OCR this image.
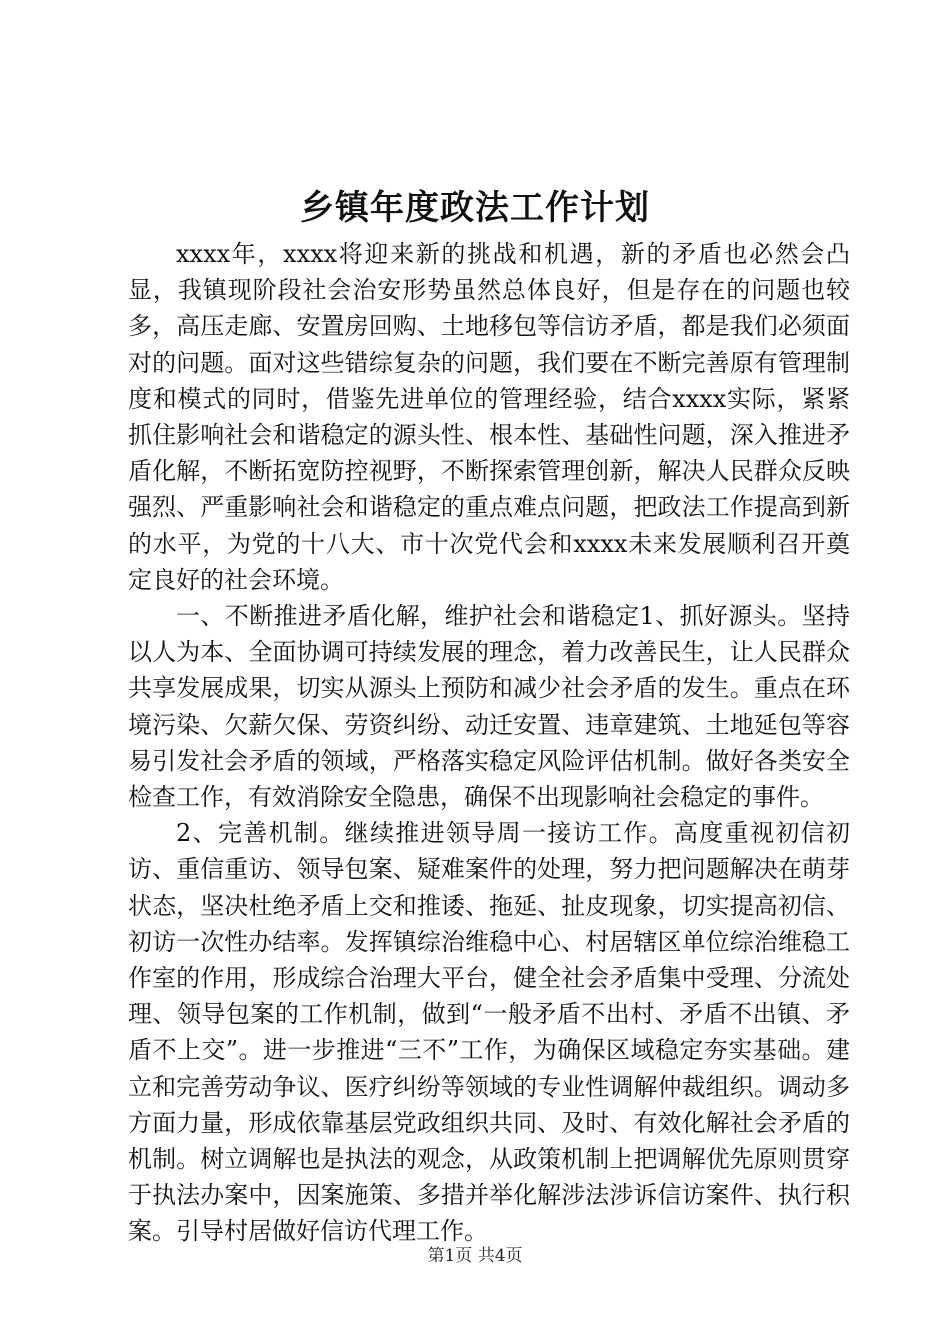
乡镇年度政法工作计划

xxxx年，xxxx将迎来新的挑战和机遇，新的矛盾也必然会凸显，我镇现阶段社会治安形势虽然总体良好，但是存在的问题也较多，高压走廊、安置房回购、土地移包等信访矛盾，都是我们必须面对的问题。面对这些错综复杂的问题，我们要在不断完善原有管理制度和模式的同时，借鉴先进单位的管理经验，结合xxxx实际，紧紧抓住影响社会和谐稳定的源头性、根本性、基础性问题，深入推进矛盾化解，不断拓宽防控视野，不断探索管理创新，解决人民群众反映强烈、严重影响社会和谐稳定的重点难点问题，把政法工作提高到新的水平，为党的十八大、市十次党代会和xxxx未来发展顺利召开奠定良好的社会环境。

一、不断推进矛盾化解，维护社会和谐稳定1、抓好源头。坚持以人为本、全面协调可持续发展的理念，着力改善民生，让人民群众共享发展成果，切实从源头上预防和减少社会矛盾的发生。重点在环境污染、欠薪欠保、劳资纠纷、动迁安置、违章建筑、土地延包等容易引发社会矛盾的领域，严格落实稳定风险评估机制。做好各类安全检查工作，有效消除安全隐患，确保不出现影响社会稳定的事件。

2、完善机制。继续推进领导周一接访工作。高度重视初信初访、重信重访、领导包案、疑难案件的处理，努力把问题解决在萌芽状态，坚决杜绝矛盾上交和推诿、拖延、扯皮现象，切实提高初信、初访一次性办结率。发挥镇综治维稳中心、村居辖区单位综治维稳工作室的作用，形成综合治理大平台，健全社会矛盾集中受理、分流处理、领导包案的工作机制，做到“一般矛盾不出村、矛盾不出镇、矛盾不上交”。进一步推进“三不”工作，为确保区域稳定夯实基础。建立和完善劳动争议、医疗纠纷等领域的专业性调解仲裁组织。调动多方面力量，形成依靠基层党政组织共同、及时、有效化解社会矛盾的机制。树立调解也是执法的观念，从政策机制上把调解优先原则贯穿于执法办案中，因案施策、多措并举化解涉法涉诉信访案件、执行积案。引导村居做好信访代理工作。

第1页 共4页
